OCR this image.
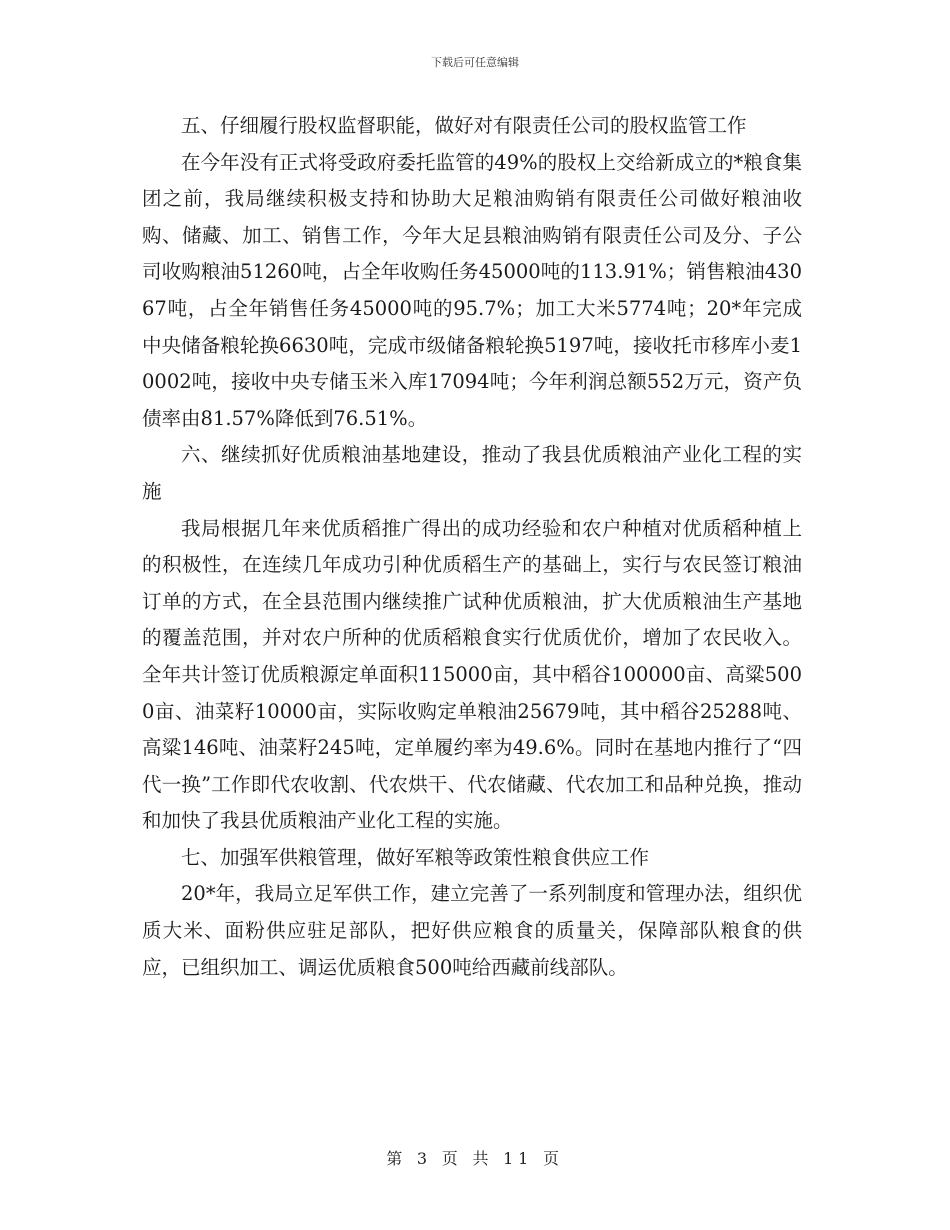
下载后可任意编辑

五、仔细履行股权监督职能，做好对有限责任公司的股权监管工作

在今年没有正式将受政府委托监管的49%的股权上交给新成立的*粮食集团之前，我局继续积极支持和协助大足粮油购销有限责任公司做好粮油收购、储藏、加工、销售工作，今年大足县粮油购销有限责任公司及分、子公司收购粮油51260吨，占全年收购任务45000吨的113.91%；销售粮油43067吨，占全年销售任务45000吨的95.7%；加工大米5774吨；20*年完成中央储备粮轮换6630吨，完成市级储备粮轮换5197吨，接收托市移库小麦10002吨，接收中央专储玉米入库17094吨；今年利润总额552万元，资产负债率由81.57%降低到76.51%。

六、继续抓好优质粮油基地建设，推动了我县优质粮油产业化工程的实施

我局根据几年来优质稻推广得出的成功经验和农户种植对优质稻种植上的积极性，在连续几年成功引种优质稻生产的基础上，实行与农民签订粮油订单的方式，在全县范围内继续推广试种优质粮油，扩大优质粮油生产基地的覆盖范围，并对农户所种的优质稻粮食实行优质优价，增加了农民收入。全年共计签订优质粮源定单面积115000亩，其中稻谷100000亩、高粱5000亩、油菜籽10000亩，实际收购定单粮油25679吨，其中稻谷25288吨、高粱146吨、油菜籽245吨，定单履约率为49.6%。同时在基地内推行了“四代一换”工作即代农收割、代农烘干、代农储藏、代农加工和品种兑换，推动和加快了我县优质粮油产业化工程的实施。

七、加强军供粮管理，做好军粮等政策性粮食供应工作

20*年，我局立足军供工作，建立完善了一系列制度和管理办法，组织优质大米、面粉供应驻足部队，把好供应粮食的质量关，保障部队粮食的供应，已组织加工、调运优质粮食500吨给西藏前线部队。

第 3 页 共 11 页
